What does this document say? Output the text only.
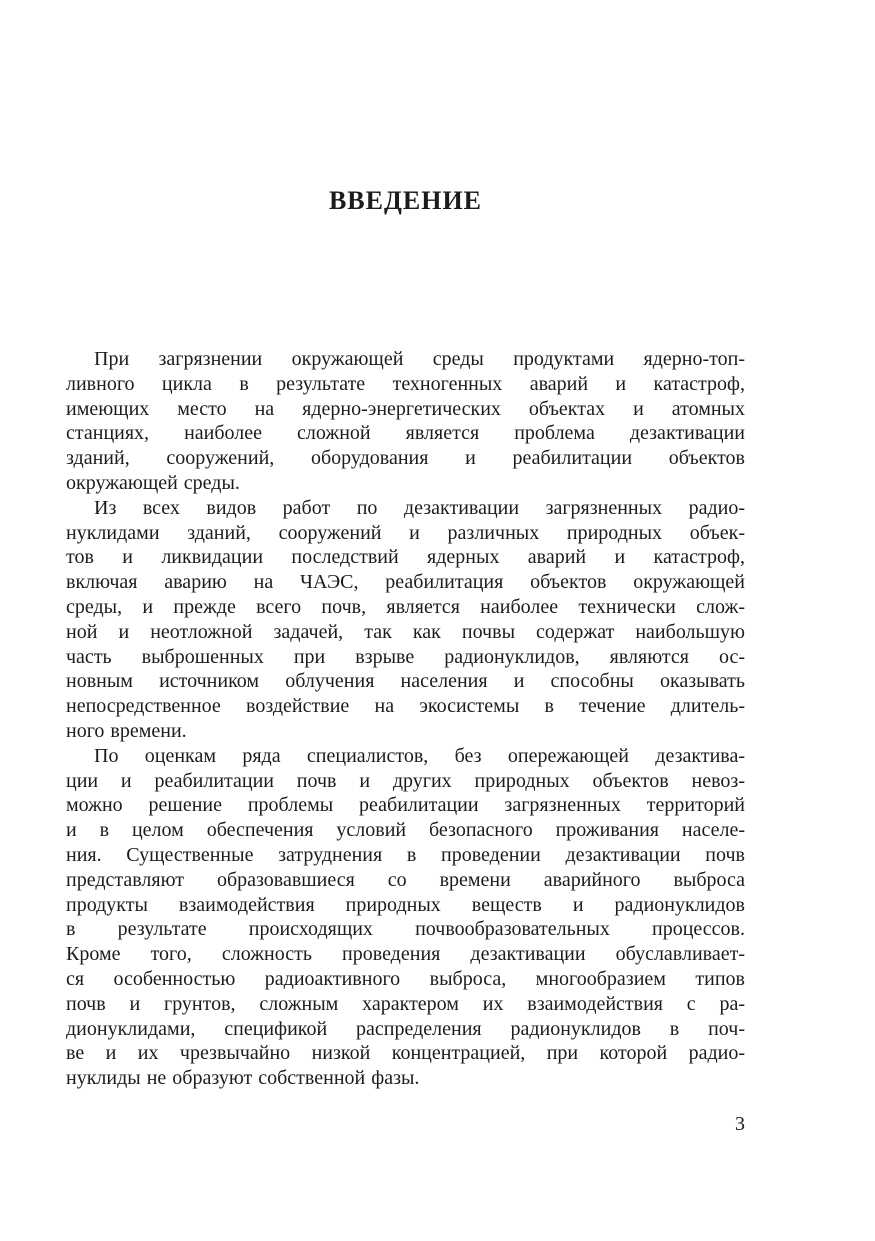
ВВЕДЕНИЕ
При загрязнении окружающей среды продуктами ядерно-топ-
ливного цикла в результате техногенных аварий и катастроф,
имеющих место на ядерно-энергетических объектах и атомных
станциях, наиболее сложной является проблема дезактивации
зданий, сооружений, оборудования и реабилитации объектов
окружающей среды.
Из всех видов работ по дезактивации загрязненных радио-
нуклидами зданий, сооружений и различных природных объек-
тов и ликвидации последствий ядерных аварий и катастроф,
включая аварию на ЧАЭС, реабилитация объектов окружающей
среды, и прежде всего почв, является наиболее технически слож-
ной и неотложной задачей, так как почвы содержат наибольшую
часть выброшенных при взрыве радионуклидов, являются ос-
новным источником облучения населения и способны оказывать
непосредственное воздействие на экосистемы в течение длитель-
ного времени.
По оценкам ряда специалистов, без опережающей дезактива-
ции и реабилитации почв и других природных объектов невоз-
можно решение проблемы реабилитации загрязненных территорий
и в целом обеспечения условий безопасного проживания населе-
ния. Существенные затруднения в проведении дезактивации почв
представляют образовавшиеся со времени аварийного выброса
продукты взаимодействия природных веществ и радионуклидов
в результате происходящих почвообразовательных процессов.
Кроме того, сложность проведения дезактивации обуславливает-
ся особенностью радиоактивного выброса, многообразием типов
почв и грунтов, сложным характером их взаимодействия с ра-
дионуклидами, спецификой распределения радионуклидов в поч-
ве и их чрезвычайно низкой концентрацией, при которой радио-
нуклиды не образуют собственной фазы.
3
